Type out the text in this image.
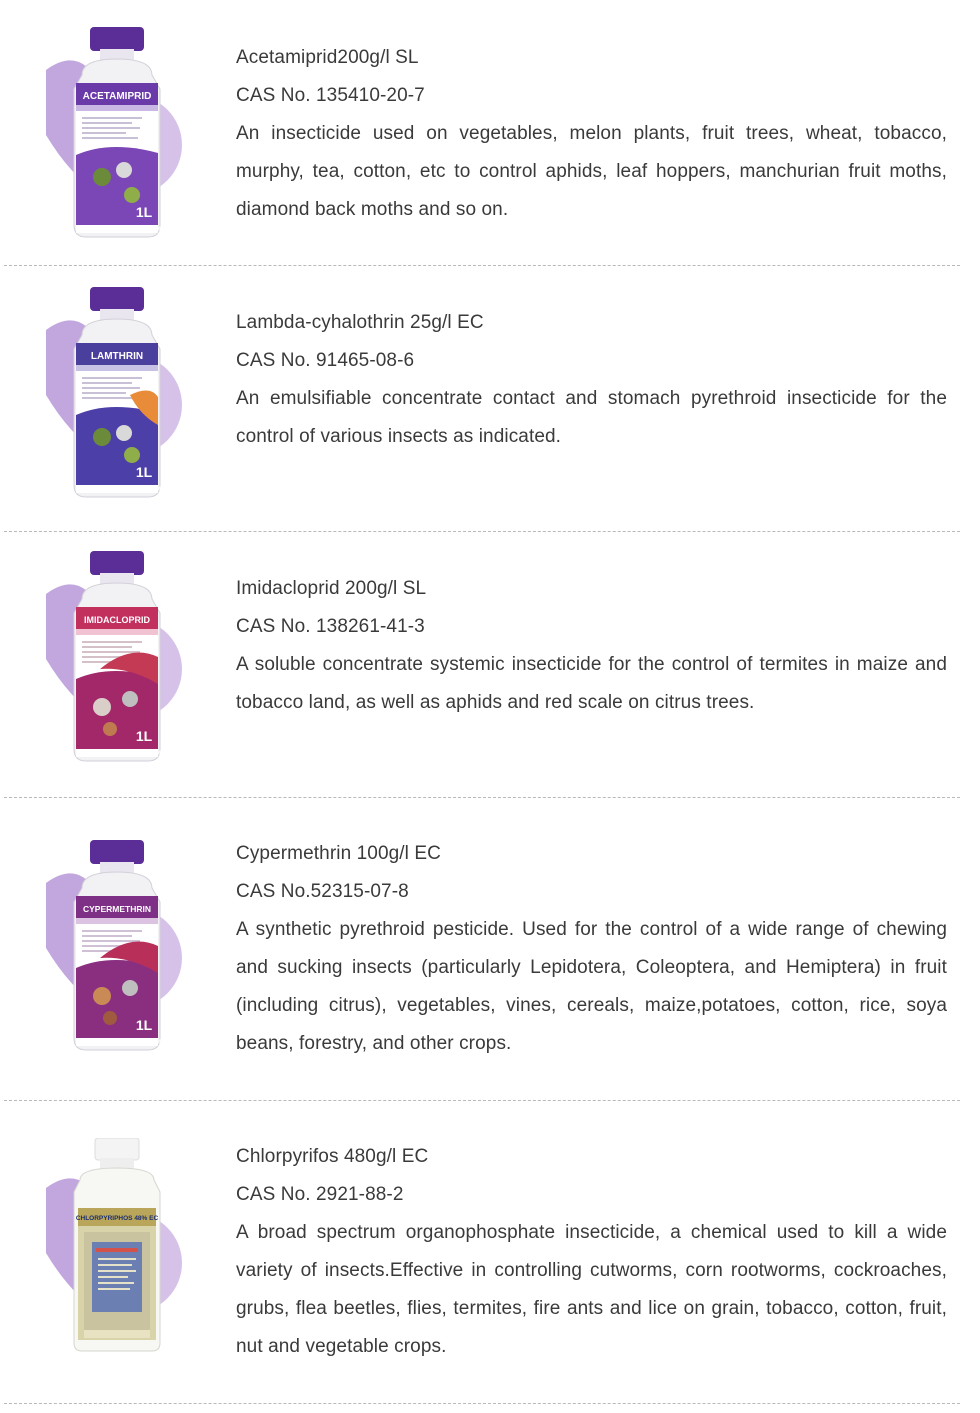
ACETAMIPRID
1L
INSECTICIDE

Acetamiprid200g/l SL

CAS No. 135410-20-7

An insecticide used on vegetables, melon plants, fruit trees, wheat, tobacco, murphy, tea, cotton, etc to control aphids, leaf hoppers, manchurian fruit moths, diamond back moths and so on.

LAMTHRIN
1L
INSECTICIDE

Lambda-cyhalothrin 25g/l EC

CAS No. 91465-08-6

An emulsifiable concentrate contact and stomach pyrethroid insecticide for the control of various insects as indicated.

IMIDACLOPRID
1L
INSECTICIDE

Imidacloprid 200g/l SL

CAS No. 138261-41-3

A soluble concentrate systemic insecticide for the control of termites in maize and tobacco land, as well as aphids and red scale on citrus trees.

CYPERMETHRIN
1L
INSECTICIDE

Cypermethrin 100g/l EC

CAS No.52315-07-8

A synthetic pyrethroid pesticide. Used for the control of a wide range of chewing and sucking insects (particularly Lepidotera, Coleoptera, and Hemiptera) in fruit (including citrus), vegetables, vines, cereals, maize,potatoes, cotton, rice, soya beans, forestry, and other crops.

CHLORPYRIPHOS 48% EC

Chlorpyrifos 480g/l EC

CAS No. 2921-88-2

A broad spectrum organophosphate insecticide, a chemical used to kill a wide variety of insects.Effective in controlling cutworms, corn rootworms, cockroaches, grubs, flea beetles, flies, termites, fire ants and lice on grain, tobacco, cotton, fruit, nut and vegetable crops.
